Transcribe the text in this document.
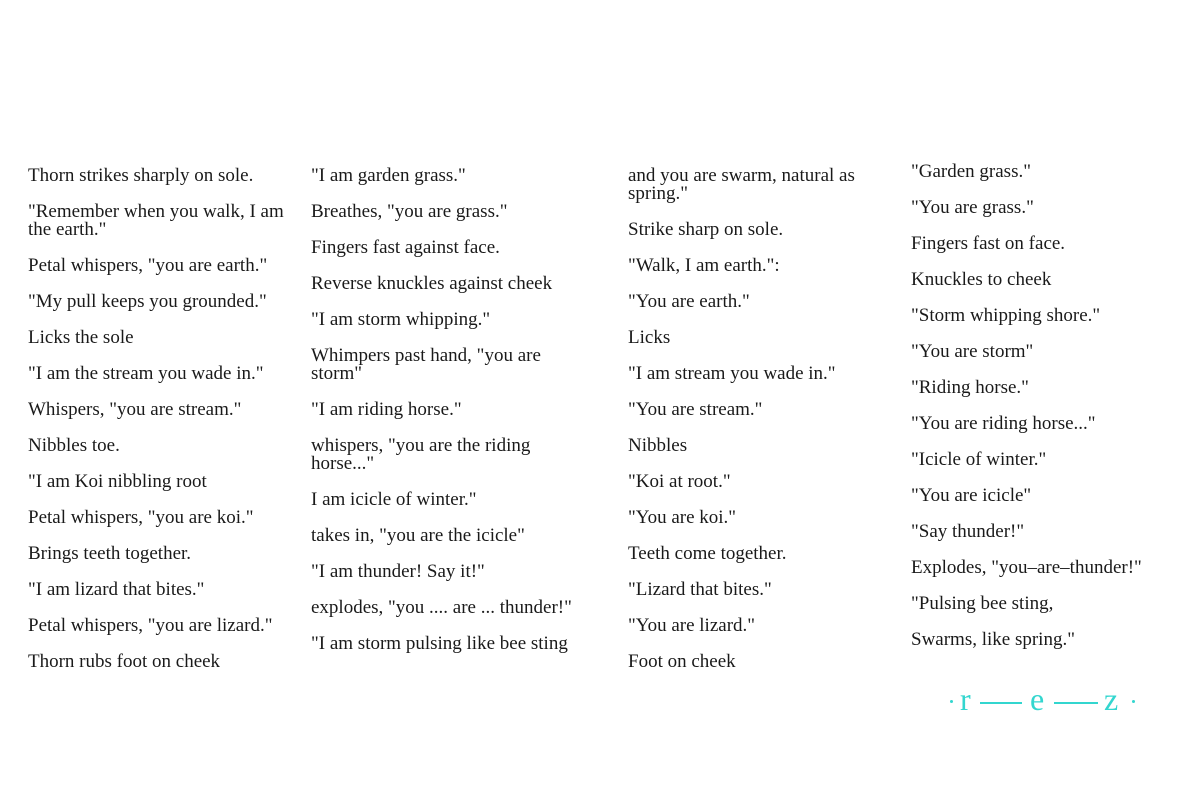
Thorn strikes sharply on sole.
"Remember when you walk, I am the earth."
Petal whispers, "you are earth."
"My pull keeps you grounded."
Licks the sole
"I am the stream you wade in."
Whispers, "you are stream."
Nibbles toe.
"I am Koi nibbling root
Petal whispers, "you are koi."
Brings teeth together.
"I am lizard that bites."
Petal whispers, "you are lizard."
Thorn rubs foot on cheek
"I am garden grass."
Breathes, "you are grass."
Fingers fast against face.
Reverse knuckles against cheek
"I am storm whipping."
Whimpers past hand, "you are storm"
"I am riding horse."
whispers, "you are the riding horse..."
I am icicle of winter."
takes in, "you are the icicle"
"I am thunder! Say it!"
explodes, "you .... are ... thunder!"
"I am storm pulsing like bee sting
and you are swarm, natural as spring."
Strike sharp on sole.
"Walk, I am earth.":
"You are earth."
Licks
"I am stream you wade in."
"You are stream."
Nibbles
"Koi at root."
"You are koi."
Teeth come together.
"Lizard that bites."
"You are lizard."
Foot on cheek
"Garden grass."
"You are grass."
Fingers fast on face.
Knuckles to cheek
"Storm whipping shore."
"You are storm"
"Riding horse."
"You are riding horse..."
"Icicle of winter."
"You are icicle"
"Say thunder!"
Explodes, "you–are–thunder!"
"Pulsing bee sting,
Swarms, like spring."
r e z
